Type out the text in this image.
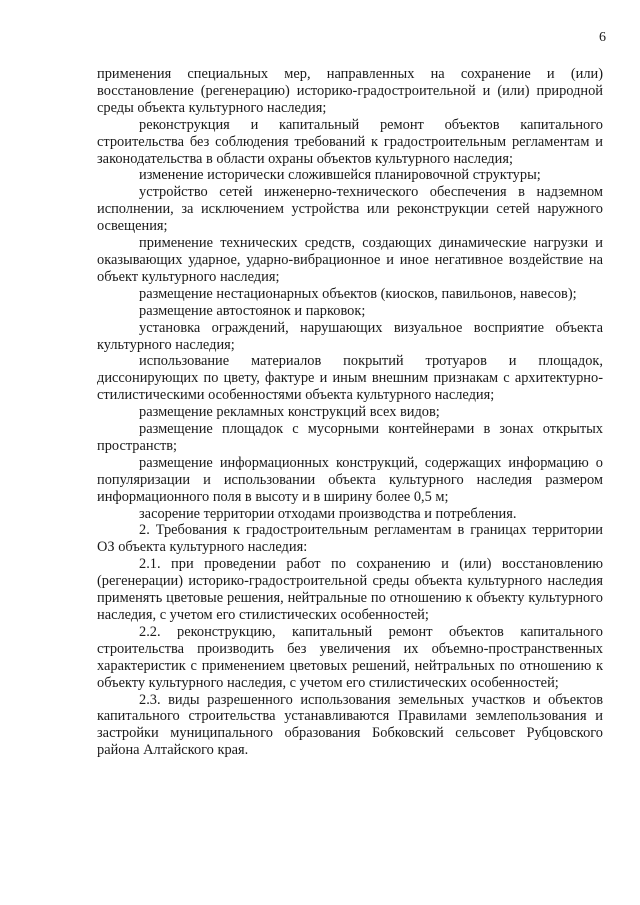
6

применения специальных мер, направленных на сохранение и (или) восстановление (регенерацию) историко-градостроительной и (или) природной среды объекта культурного наследия;

реконструкция и капитальный ремонт объектов капитального строительства без соблюдения требований к градостроительным регламентам и законодательства в области охраны объектов культурного наследия;

изменение исторически сложившейся планировочной структуры;

устройство сетей инженерно-технического обеспечения в надземном исполнении, за исключением устройства или реконструкции сетей наружного освещения;

применение технических средств, создающих динамические нагрузки и оказывающих ударное, ударно-вибрационное и иное негативное воздействие на объект культурного наследия;

размещение нестационарных объектов (киосков, павильонов, навесов);

размещение автостоянок и парковок;

установка ограждений, нарушающих визуальное восприятие объекта культурного наследия;

использование материалов покрытий тротуаров и площадок, диссонирующих по цвету, фактуре и иным внешним признакам с архитектурно-стилистическими особенностями объекта культурного наследия;

размещение рекламных конструкций всех видов;

размещение площадок с мусорными контейнерами в зонах открытых пространств;

размещение информационных конструкций, содержащих информацию о популяризации и использовании объекта культурного наследия размером информационного поля в высоту и в ширину более 0,5 м;

засорение территории отходами производства и потребления.

2. Требования к градостроительным регламентам в границах территории ОЗ объекта культурного наследия:

2.1. при проведении работ по сохранению и (или) восстановлению (регенерации) историко-градостроительной среды объекта культурного наследия применять цветовые решения, нейтральные по отношению к объекту культурного наследия, с учетом его стилистических особенностей;

2.2. реконструкцию, капитальный ремонт объектов капитального строительства производить без увеличения их объемно-пространственных характеристик с применением цветовых решений, нейтральных по отношению к объекту культурного наследия, с учетом его стилистических особенностей;

2.3. виды разрешенного использования земельных участков и объектов капитального строительства устанавливаются Правилами землепользования и застройки муниципального образования Бобковский сельсовет Рубцовского района Алтайского края.
